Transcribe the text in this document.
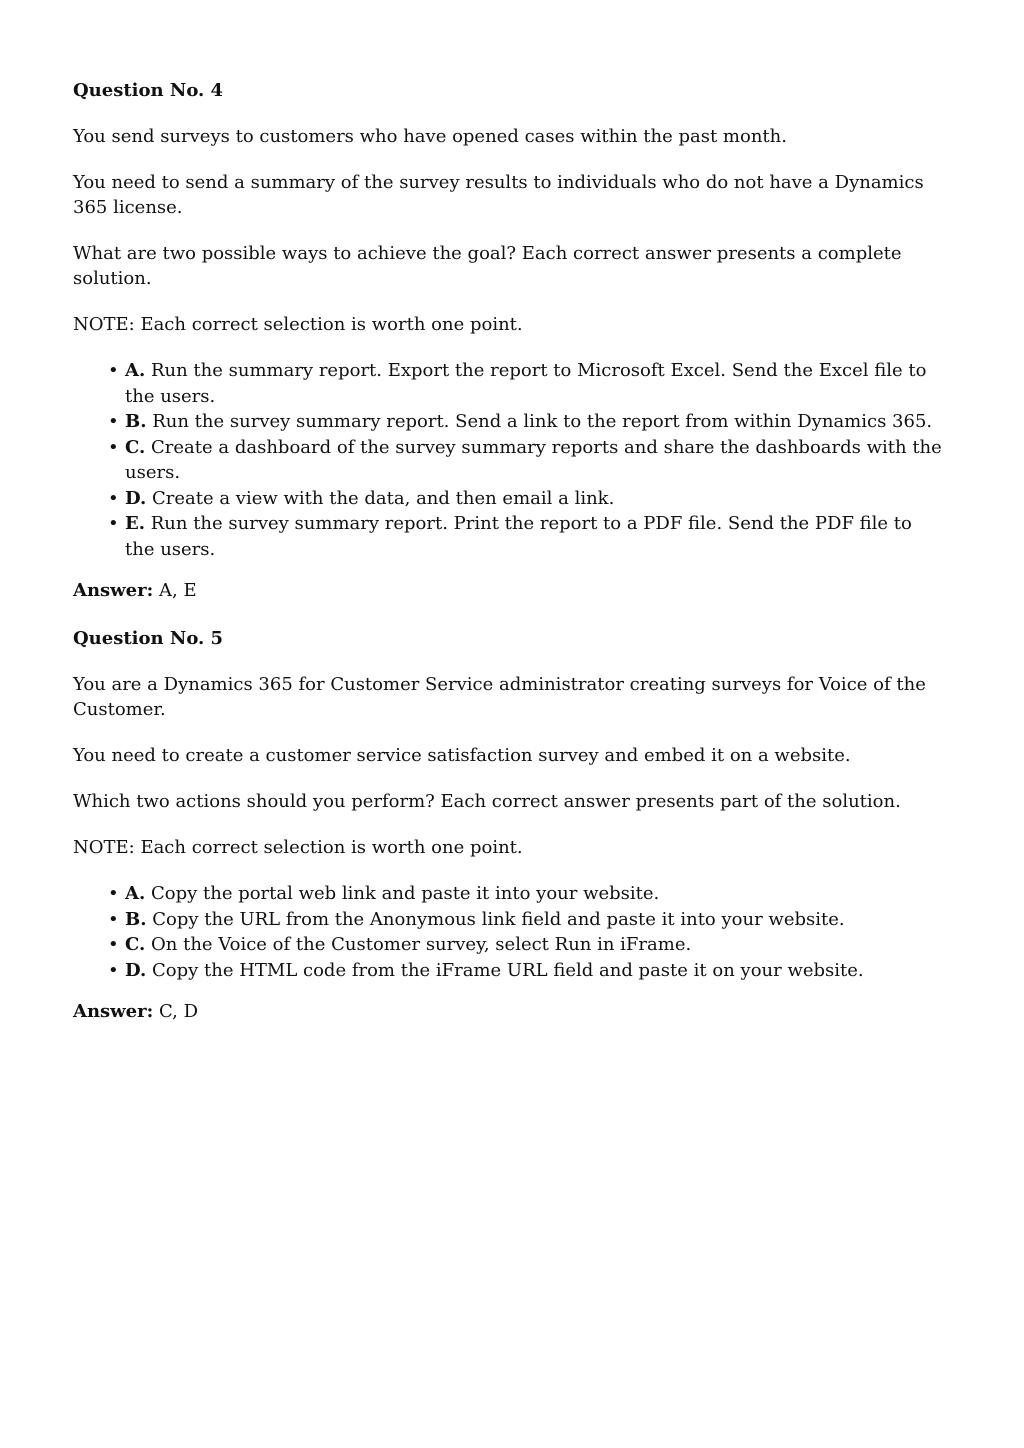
Question No. 4

You send surveys to customers who have opened cases within the past month.

You need to send a summary of the survey results to individuals who do not have a Dynamics 365 license.

What are two possible ways to achieve the goal? Each correct answer presents a complete solution.

NOTE: Each correct selection is worth one point.

• A. Run the summary report. Export the report to Microsoft Excel. Send the Excel file to the users.
• B. Run the survey summary report. Send a link to the report from within Dynamics 365.
• C. Create a dashboard of the survey summary reports and share the dashboards with the users.
• D. Create a view with the data, and then email a link.
• E. Run the survey summary report. Print the report to a PDF file. Send the PDF file to the users.
Answer: A, E
Question No. 5

You are a Dynamics 365 for Customer Service administrator creating surveys for Voice of the Customer.

You need to create a customer service satisfaction survey and embed it on a website.

Which two actions should you perform? Each correct answer presents part of the solution.

NOTE: Each correct selection is worth one point.

• A. Copy the portal web link and paste it into your website.
• B. Copy the URL from the Anonymous link field and paste it into your website.
• C. On the Voice of the Customer survey, select Run in iFrame.
• D. Copy the HTML code from the iFrame URL field and paste it on your website.
Answer: C, D
